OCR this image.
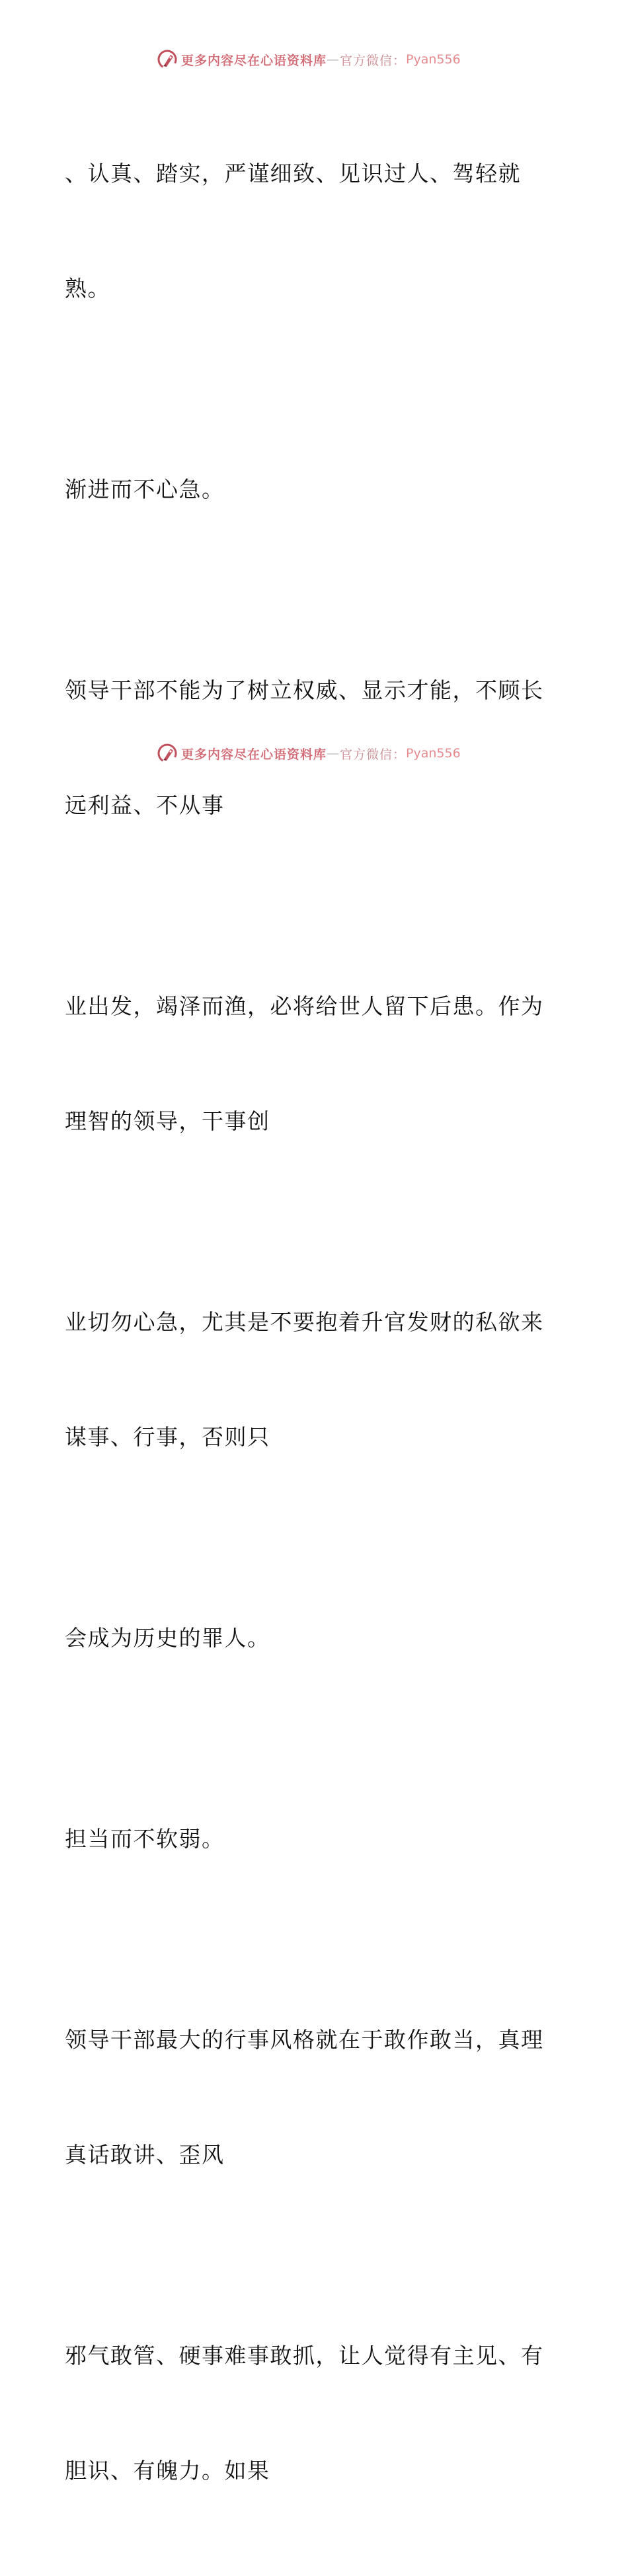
更多内容尽在心语资料库 — 官方微信： Pyan556

、认真、踏实，严谨细致、见识过人、驾轻就

熟。

渐进而不心急。

领导干部不能为了树立权威、显示才能，不顾长

远利益、不从事

业出发，竭泽而渔，必将给世人留下后患。作为

理智的领导，干事创

业切勿心急，尤其是不要抱着升官发财的私欲来

谋事、行事，否则只

会成为历史的罪人。

担当而不软弱。

领导干部最大的行事风格就在于敢作敢当，真理

真话敢讲、歪风

邪气敢管、硬事难事敢抓，让人觉得有主见、有

胆识、有魄力。如果

更多内容尽在心语资料库 — 官方微信： Pyan556
